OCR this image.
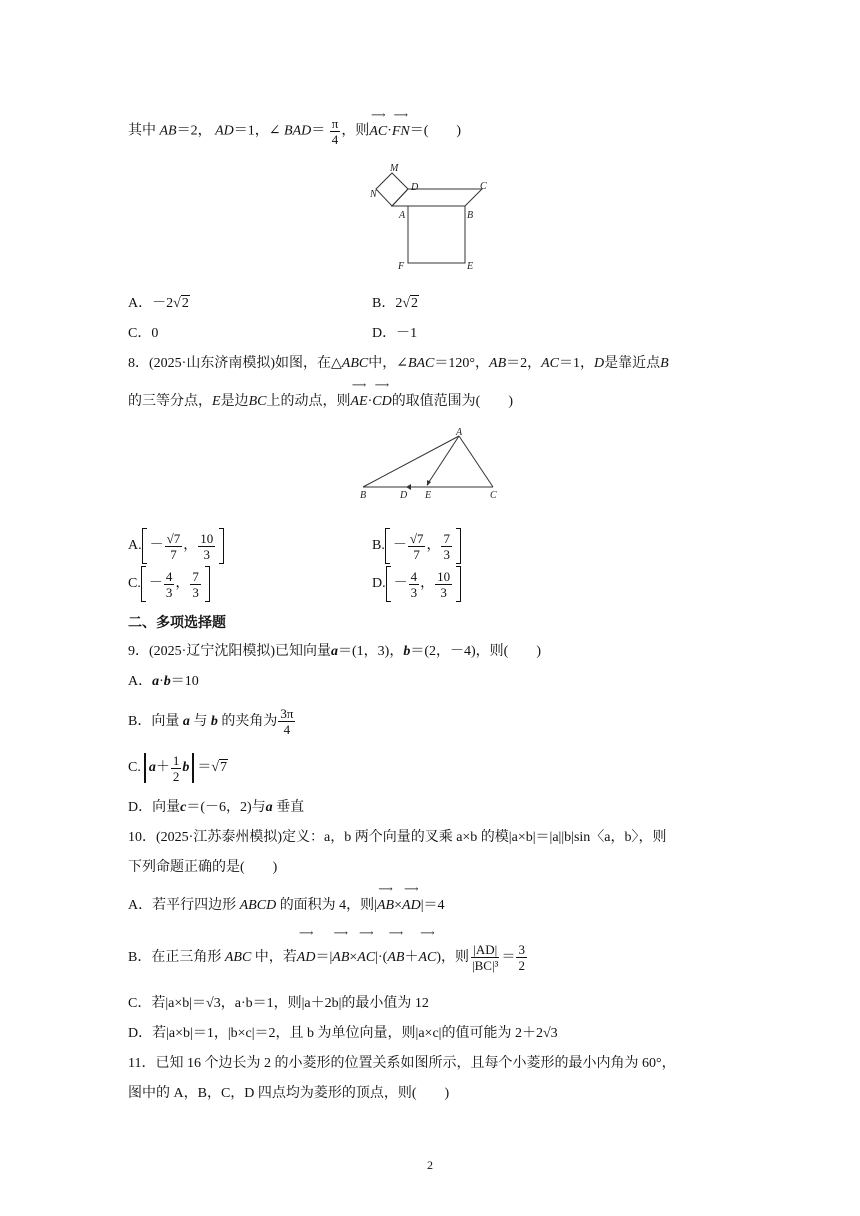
其中 AB＝2， AD＝1，∠ $BAD= \frac{\pi}{4}$ ，则⟶ AC·⟶ FN＝(　　)
M
N
D	C
A	B
F	E
A．－2√2	B．2√2
C．0	D．－1
8．(2025·山东济南模拟)如图，在△ABC中，∠BAC＝120°，AB＝2，AC＝1，D是靠近点B
的三等分点，E是边BC上的动点，则⟶ AE·⟶ CD的取值范围为(　　)
A
B	D E	C
A. － $\frac{√7}{7}$ ， $\frac{10}{3}$	B. － $\frac{√7}{7}$ ， $\frac{7}{3}$
C. － $\frac{4}{3}$ ， $\frac{7}{3}$	D. － $\frac{4}{3}$ ， $\frac{10}{3}$
二、多项选择题
9．(2025·辽宁沈阳模拟)已知向量a＝(1，3)，b＝(2，－4)，则(　　)
A．a·b＝10
B．向量 a 与 b 的夹角为 $\frac{3\pi}{4}$
C. $a + \frac{1}{2}$ b ＝√7
D．向量c＝(－6，2)与a 垂直
10．(2025·江苏泰州模拟)定义：a，b 两个向量的叉乘 a×b 的模|a×b|＝|a||b|sin〈a，b〉，则
下列命题正确的是(　　)
A．若平行四边形 ABCD 的面积为 4，则|⟶ AB×⟶ AD|＝4
B．在正三角形 ABC 中，若⟶ AD＝|⟶ AB×⟶ AC|·(⟶ AB＋⟶ AC)，则 $\frac{|AD|}{\text{|BC|³}} = \frac{3}{2}$
C．若|a×b|＝√3，a·b＝1，则|a＋2b|的最小值为 12
D．若|a×b|＝1，|b×c|＝2，且 b 为单位向量，则|a×c|的值可能为 2＋2√3
11．已知 16 个边长为 2 的小菱形的位置关系如图所示，且每个小菱形的最小内角为 60°，
图中的 A，B，C，D 四点均为菱形的顶点，则(　　)
2
